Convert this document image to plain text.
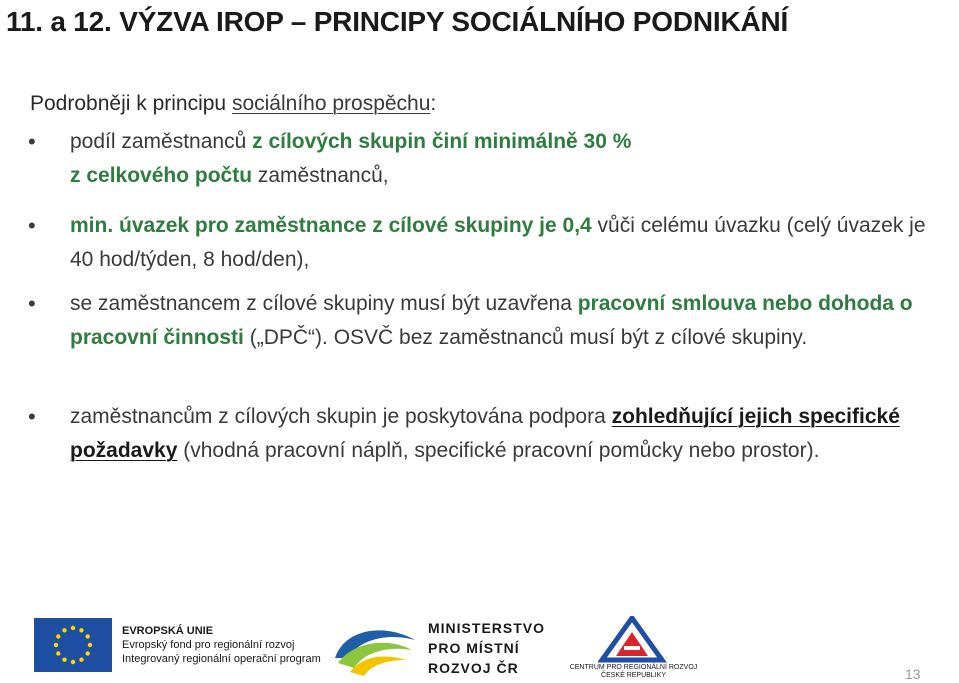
11. a 12. VÝZVA IROP – PRINCIPY SOCIÁLNÍHO PODNIKÁNÍ
Podrobněji k principu sociálního prospěchu:
• podíl zaměstnanců z cílových skupin činí minimálně 30 %
z celkového počtu zaměstnanců,
• min. úvazek pro zaměstnance z cílové skupiny je 0,4 vůči celému úvazku (celý úvazek je 40 hod/týden, 8 hod/den),
• se zaměstnancem z cílové skupiny musí být uzavřena pracovní smlouva nebo dohoda o pracovní činnosti („DPČ“). OSVČ bez zaměstnanců musí být z cílové skupiny.
• zaměstnancům z cílových skupin je poskytována podpora zohledňující jejich specifické požadavky (vhodná pracovní náplň, specifické pracovní pomůcky nebo prostor).
EVROPSKÁ UNIE
Evropský fond pro regionální rozvoj
Integrovaný regionální operační program
MINISTERSTVO
PRO MÍSTNÍ
ROZVOJ ČR	CENTRUM PRO REGIONÁLNÍ ROZVOJ
ČESKÉ REPUBLIKY	13
